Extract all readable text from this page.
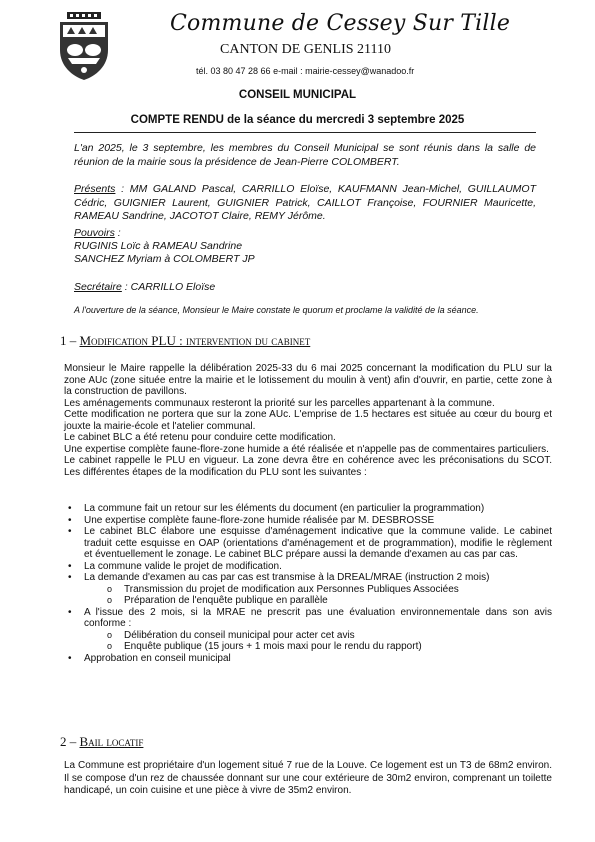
Commune de Cessey Sur Tille
CANTON DE GENLIS 21110
tél. 03 80 47 28 66 e-mail : mairie-cessey@wanadoo.fr
CONSEIL MUNICIPAL
COMPTE RENDU de la séance du mercredi 3 septembre 2025
L'an 2025, le 3 septembre, les membres du Conseil Municipal se sont réunis dans la salle de réunion de la mairie sous la présidence de Jean-Pierre COLOMBERT.
Présents : MM GALAND Pascal, CARRILLO Eloïse, KAUFMANN Jean-Michel, GUILLAUMOT Cédric, GUIGNIER Laurent, GUIGNIER Patrick, CAILLOT Françoise, FOURNIER Mauricette, RAMEAU Sandrine, JACOTOT Claire, REMY Jérôme.
Pouvoirs :
RUGINIS Loïc à RAMEAU Sandrine
SANCHEZ Myriam à COLOMBERT JP
Secrétaire : CARRILLO Eloïse
A l'ouverture de la séance, Monsieur le Maire constate le quorum et proclame la validité de la séance.
1 – Modification PLU : intervention du cabinet

Monsieur le Maire rappelle la délibération 2025-33 du 6 mai 2025 concernant la modification du PLU sur la zone AUc (zone située entre la mairie et le lotissement du moulin à vent) afin d'ouvrir, en partie, cette zone à la construction de pavillons.

Les aménagements communaux resteront la priorité sur les parcelles appartenant à la commune.

Cette modification ne portera que sur la zone AUc. L'emprise de 1.5 hectares est située au cœur du bourg et jouxte la mairie-école et l'atelier communal.

Le cabinet BLC a été retenu pour conduire cette modification.

Une expertise complète faune-flore-zone humide a été réalisée et n'appelle pas de commentaires particuliers.

Le cabinet rappelle le PLU en vigueur. La zone devra être en cohérence avec les préconisations du SCOT. Les différentes étapes de la modification du PLU sont les suivantes :

• La commune fait un retour sur les éléments du document (en particulier la programmation)
• Une expertise complète faune-flore-zone humide réalisée par M. DESBROSSE
• Le cabinet BLC élabore une esquisse d'aménagement indicative que la commune valide. Le cabinet traduit cette esquisse en OAP (orientations d'aménagement et de programmation), modifie le règlement et éventuellement le zonage. Le cabinet BLC prépare aussi la demande d'examen au cas par cas.
• La commune valide le projet de modification.
• La demande d'examen au cas par cas est transmise à la DREAL/MRAE (instruction 2 mois)
o Transmission du projet de modification aux Personnes Publiques Associées
o Préparation de l'enquête publique en parallèle
• A l'issue des 2 mois, si la MRAE ne prescrit pas une évaluation environnementale dans son avis conforme :
o Délibération du conseil municipal pour acter cet avis
o Enquête publique (15 jours + 1 mois maxi pour le rendu du rapport)
• Approbation en conseil municipal
2 – Bail locatif
La Commune est propriétaire d'un logement situé 7 rue de la Louve. Ce logement est un T3 de 68m2 environ. Il se compose d'un rez de chaussée donnant sur une cour extérieure de 30m2 environ, comprenant un toilette handicapé, un coin cuisine et une pièce à vivre de 35m2 environ.
